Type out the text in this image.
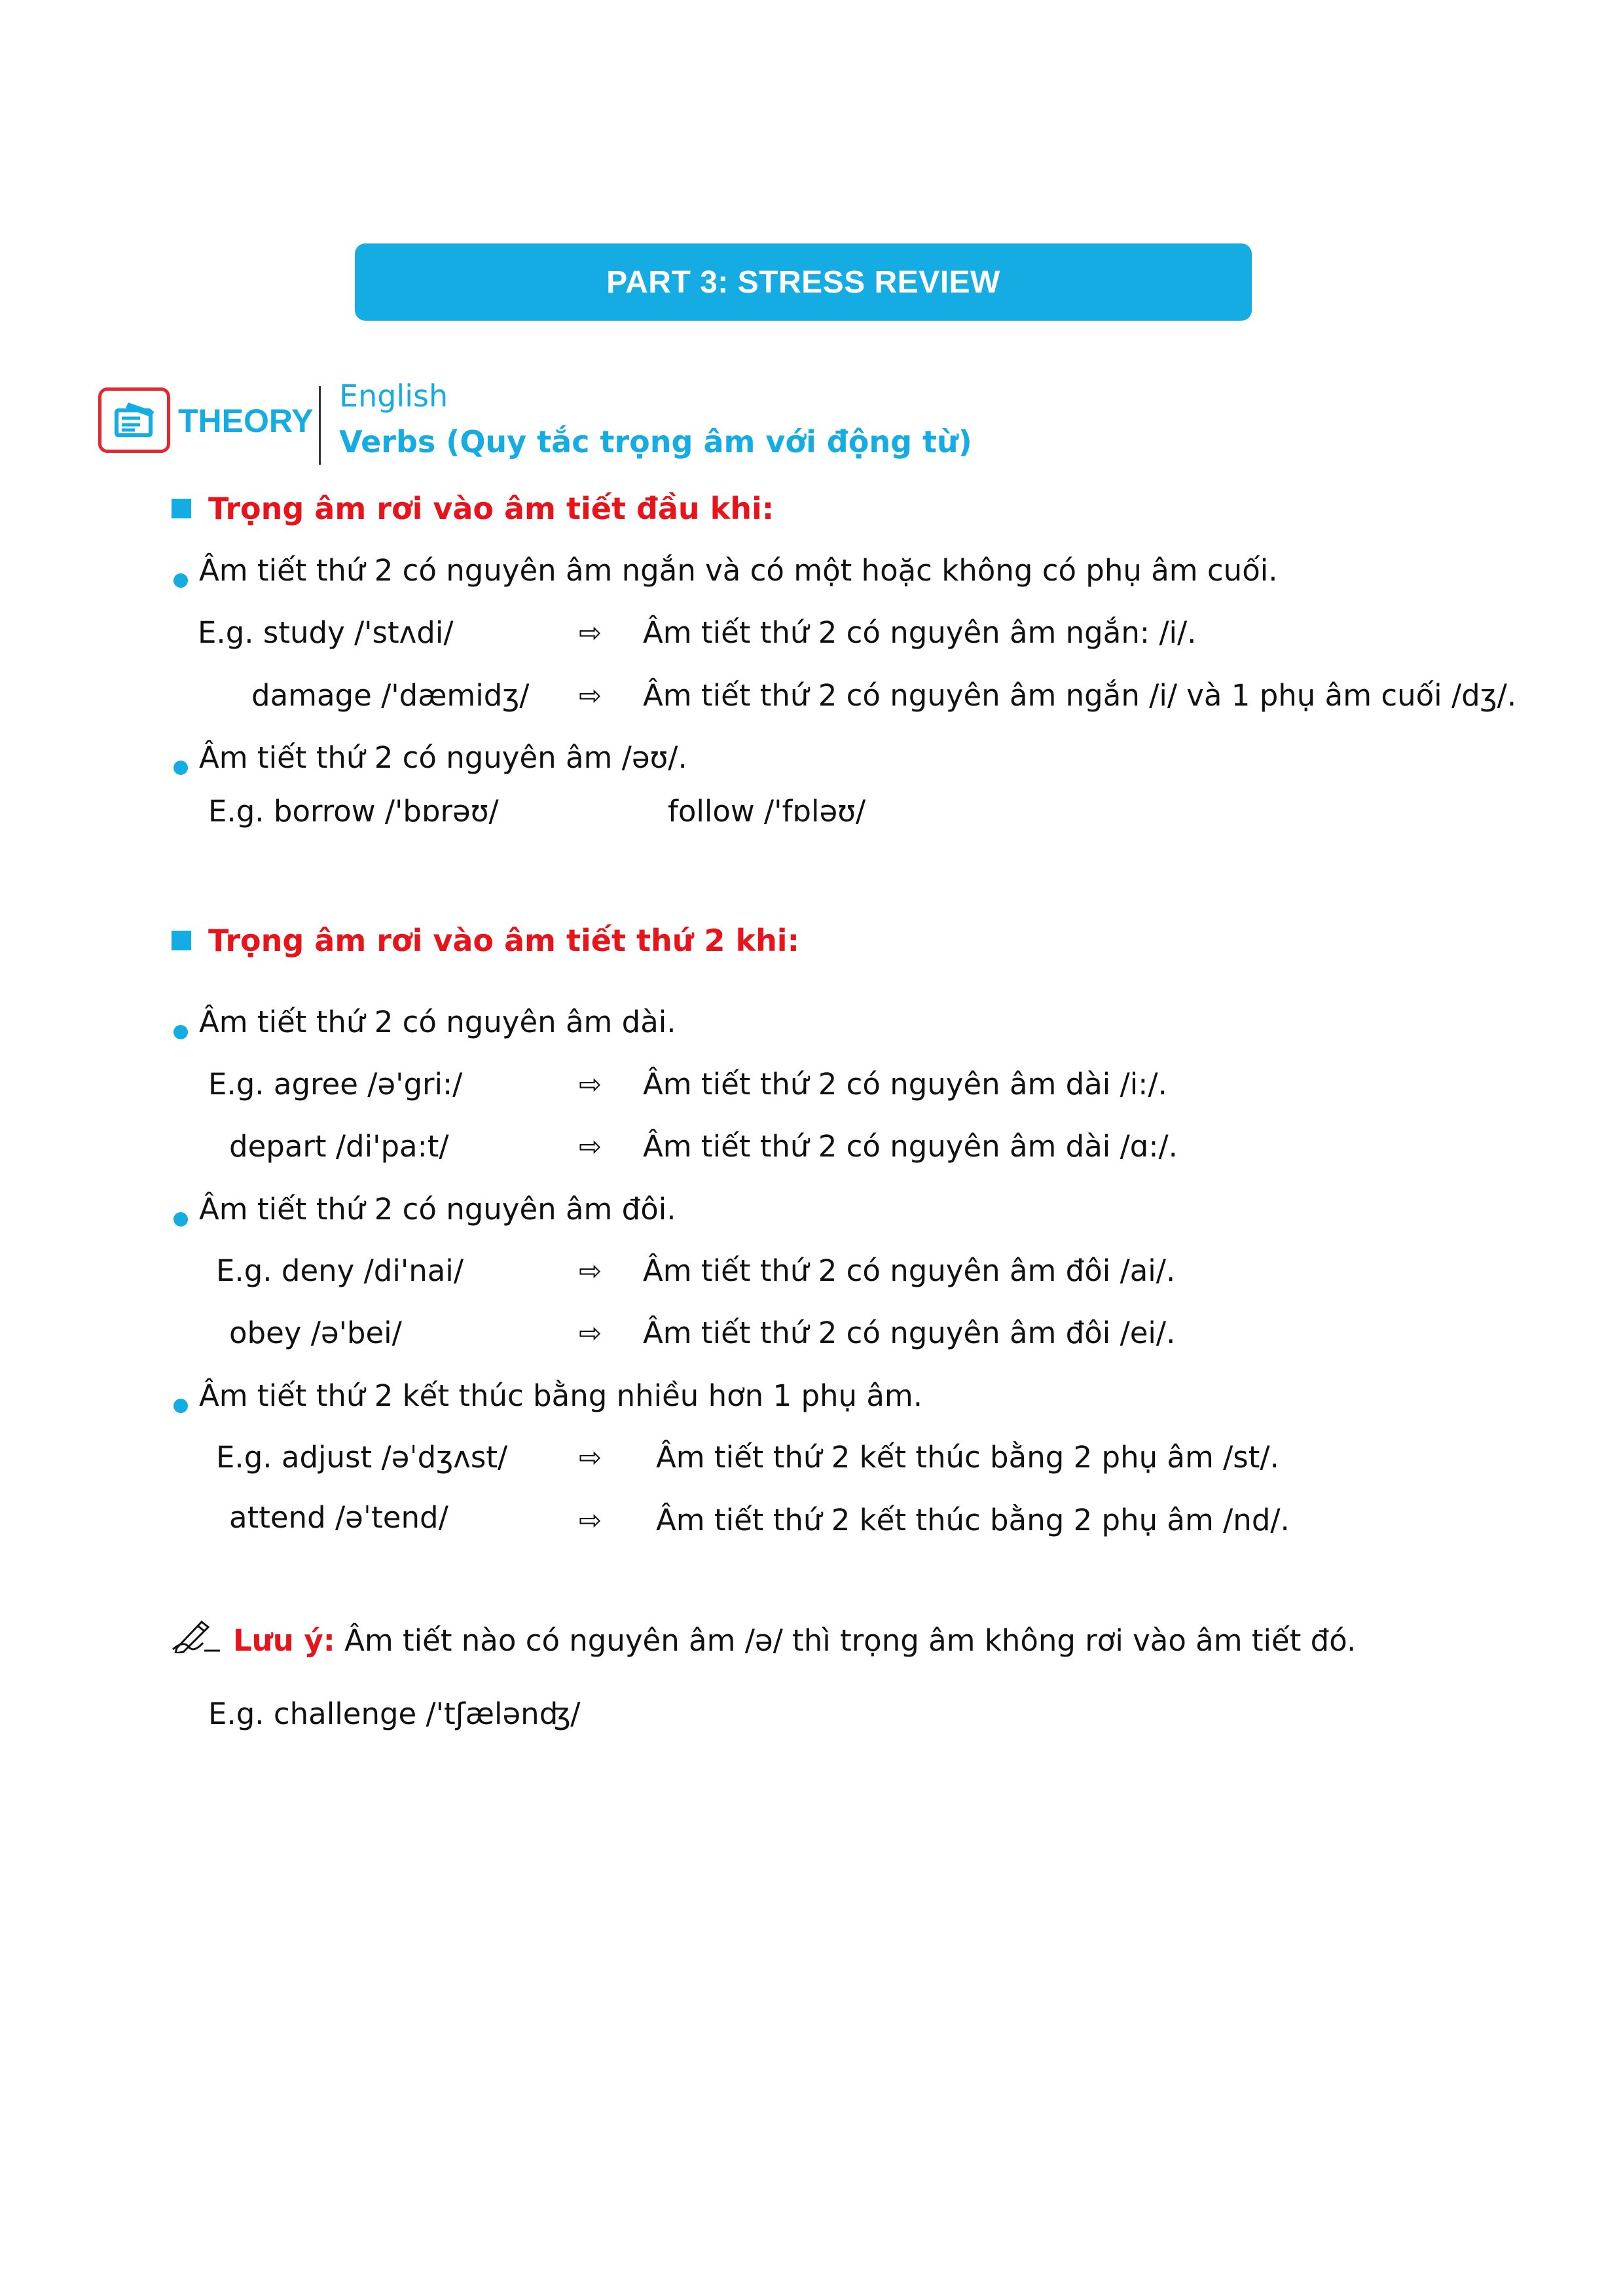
PART 3: STRESS REVIEW
THEORY
English
Verbs (Quy tắc trọng âm với động từ)
Trọng âm rơi vào âm tiết đầu khi:
Âm tiết thứ 2 có nguyên âm ngắn và có một hoặc không có phụ âm cuối.
E.g. study /'stʌdi/	⇨ Âm tiết thứ 2 có nguyên âm ngắn: /i/.
damage /'dæmidʒ/ ⇨ Âm tiết thứ 2 có nguyên âm ngắn /i/ và 1 phụ âm cuối /dʒ/.
Âm tiết thứ 2 có nguyên âm /əʊ/.
E.g. borrow /'bɒrəʊ/	follow /'fɒləʊ/
Trọng âm rơi vào âm tiết thứ 2 khi:
Âm tiết thứ 2 có nguyên âm dài.
E.g. agree /ə'gri:/	⇨ Âm tiết thứ 2 có nguyên âm dài /i:/.
depart /di'pa:t/	⇨ Âm tiết thứ 2 có nguyên âm dài /ɑ:/.
Âm tiết thứ 2 có nguyên âm đôi.
E.g. deny /di'nai/	⇨ Âm tiết thứ 2 có nguyên âm đôi /ai/.
obey /ə'bei/	⇨ Âm tiết thứ 2 có nguyên âm đôi /ei/.
Âm tiết thứ 2 kết thúc bằng nhiều hơn 1 phụ âm.
E.g. adjust /əˈdʒʌst/	⇨ Âm tiết thứ 2 kết thúc bằng 2 phụ âm /st/.
attend /əˈtend/	⇨ Âm tiết thứ 2 kết thúc bằng 2 phụ âm /nd/.
Lưu ý: Âm tiết nào có nguyên âm /ə/ thì trọng âm không rơi vào âm tiết đó.
E.g. challenge /'tʃælənʤ/
